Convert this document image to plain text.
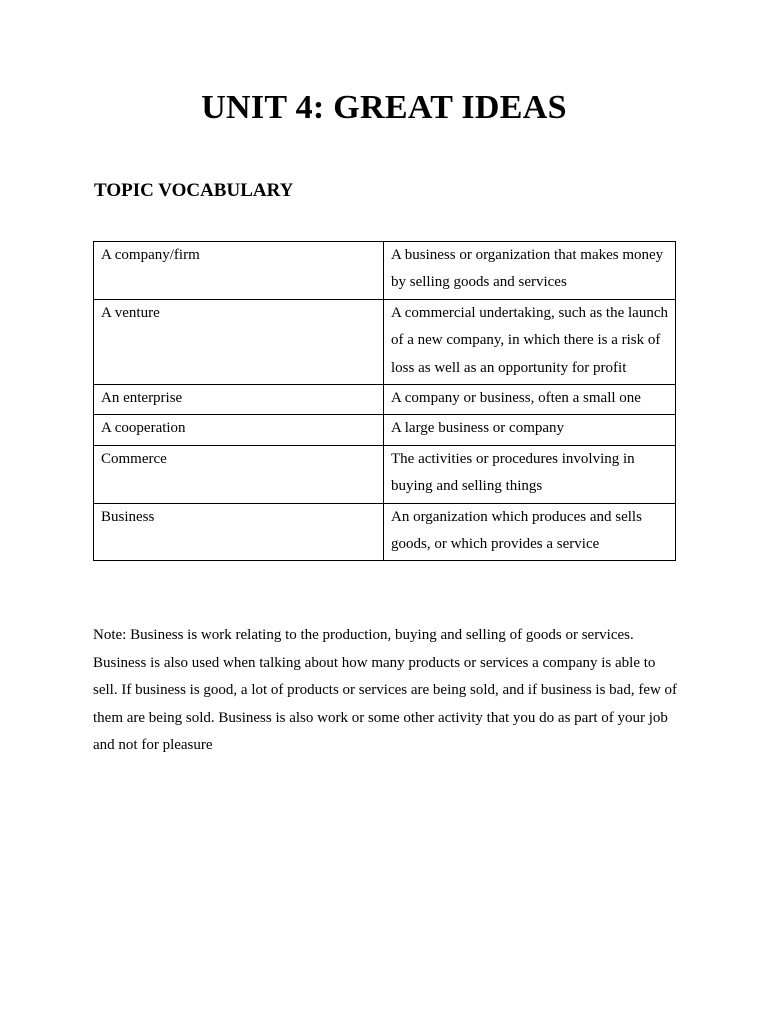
UNIT 4: GREAT IDEAS
TOPIC VOCABULARY
A company/firm	A business or organization that makes money by selling goods and services
A venture	A commercial undertaking, such as the launch of a new company, in which there is a risk of loss as well as an opportunity for profit
An enterprise	A company or business, often a small one
A cooperation	A large business or company
Commerce	The activities or procedures involving in buying and selling things
Business	An organization which produces and sells goods, or which provides a service

Note: Business is work relating to the production, buying and selling of goods or services. Business is also used when talking about how many products or services a company is able to sell. If business is good, a lot of products or services are being sold, and if business is bad, few of them are being sold. Business is also work or some other activity that you do as part of your job and not for pleasure
